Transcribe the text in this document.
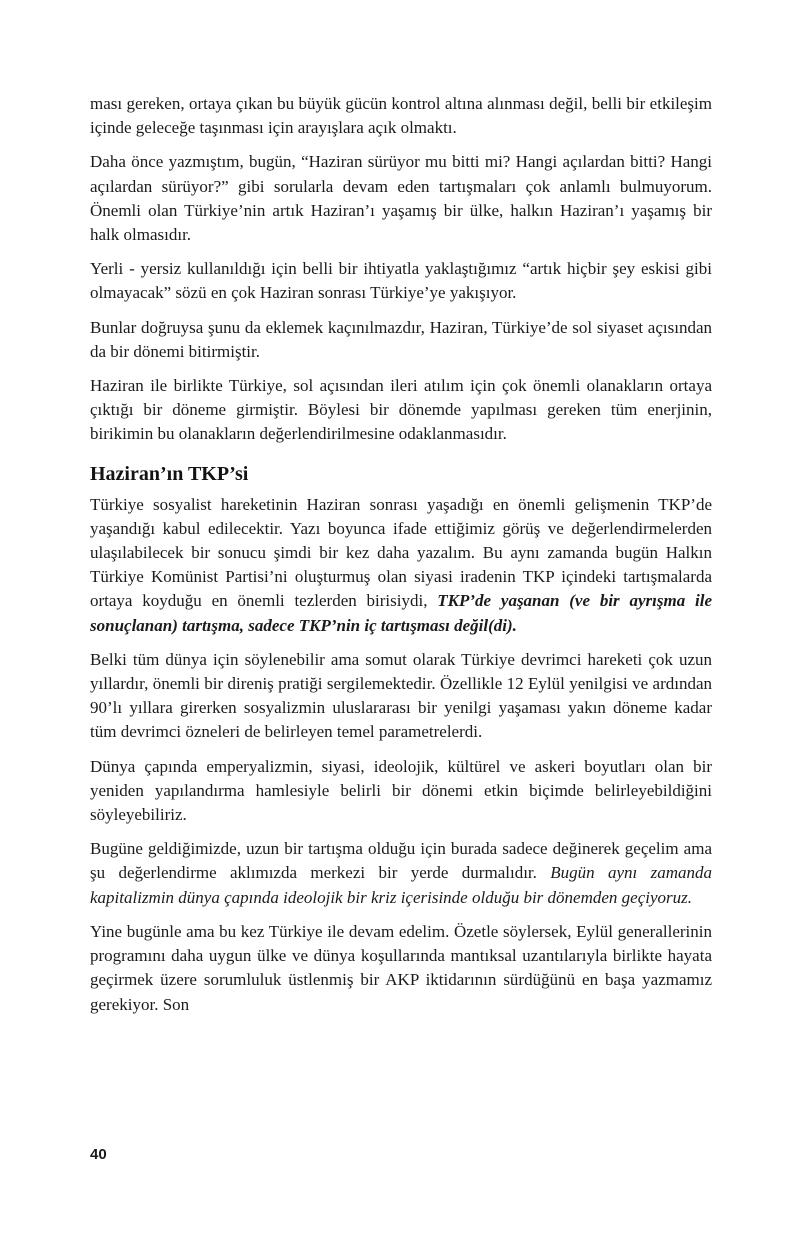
ması gereken, ortaya çıkan bu büyük gücün kontrol altına alınması değil, belli bir etkileşim içinde geleceğe taşınması için arayışlara açık olmaktı.

Daha önce yazmıştım, bugün, “Haziran sürüyor mu bitti mi? Hangi açılardan bitti? Hangi açılardan sürüyor?” gibi sorularla devam eden tartışmaları çok anlamlı bulmuyorum. Önemli olan Türkiye’nin artık Haziran’ı yaşamış bir ülke, halkın Haziran’ı yaşamış bir halk olmasıdır.

Yerli - yersiz kullanıldığı için belli bir ihtiyatla yaklaştığımız “artık hiçbir şey eskisi gibi olmayacak” sözü en çok Haziran sonrası Türkiye’ye yakışıyor.

Bunlar doğruysa şunu da eklemek kaçınılmazdır, Haziran, Türkiye’de sol siyaset açısından da bir dönemi bitirmiştir.

Haziran ile birlikte Türkiye, sol açısından ileri atılım için çok önemli olanakların ortaya çıktığı bir döneme girmiştir. Böylesi bir dönemde yapılması gereken tüm enerjinin, birikimin bu olanakların değerlendirilmesine odaklanmasıdır.

Haziran’ın TKP’si

Türkiye sosyalist hareketinin Haziran sonrası yaşadığı en önemli gelişmenin TKP’de yaşandığı kabul edilecektir. Yazı boyunca ifade ettiğimiz görüş ve değerlendirmelerden ulaşılabilecek bir sonucu şimdi bir kez daha yazalım. Bu aynı zamanda bugün Halkın Türkiye Komünist Partisi’ni oluşturmuş olan siyasi iradenin TKP içindeki tartışmalarda ortaya koyduğu en önemli tezlerden birisiydi, TKP’de yaşanan (ve bir ayrışma ile sonuçlanan) tartışma, sadece TKP’nin iç tartışması değil(di).

Belki tüm dünya için söylenebilir ama somut olarak Türkiye devrimci hareketi çok uzun yıllardır, önemli bir direniş pratiği sergilemektedir. Özellikle 12 Eylül yenilgisi ve ardından 90’lı yıllara girerken sosyalizmin uluslararası bir yenilgi yaşaması yakın döneme kadar tüm devrimci özneleri de belirleyen temel parametrelerdi.

Dünya çapında emperyalizmin, siyasi, ideolojik, kültürel ve askeri boyutları olan bir yeniden yapılandırma hamlesiyle belirli bir dönemi etkin biçimde belirleyebildiğini söyleyebiliriz.

Bugüne geldiğimizde, uzun bir tartışma olduğu için burada sadece değinerek geçelim ama şu değerlendirme aklımızda merkezi bir yerde durmalıdır. Bugün aynı zamanda kapitalizmin dünya çapında ideolojik bir kriz içerisinde olduğu bir dönemden geçiyoruz.

Yine bugünle ama bu kez Türkiye ile devam edelim. Özetle söylersek, Eylül generallerinin programını daha uygun ülke ve dünya koşullarında mantıksal uzantılarıyla birlikte hayata geçirmek üzere sorumluluk üstlenmiş bir AKP iktidarının sürdüğünü en başa yazmamız gerekiyor. Son

40
